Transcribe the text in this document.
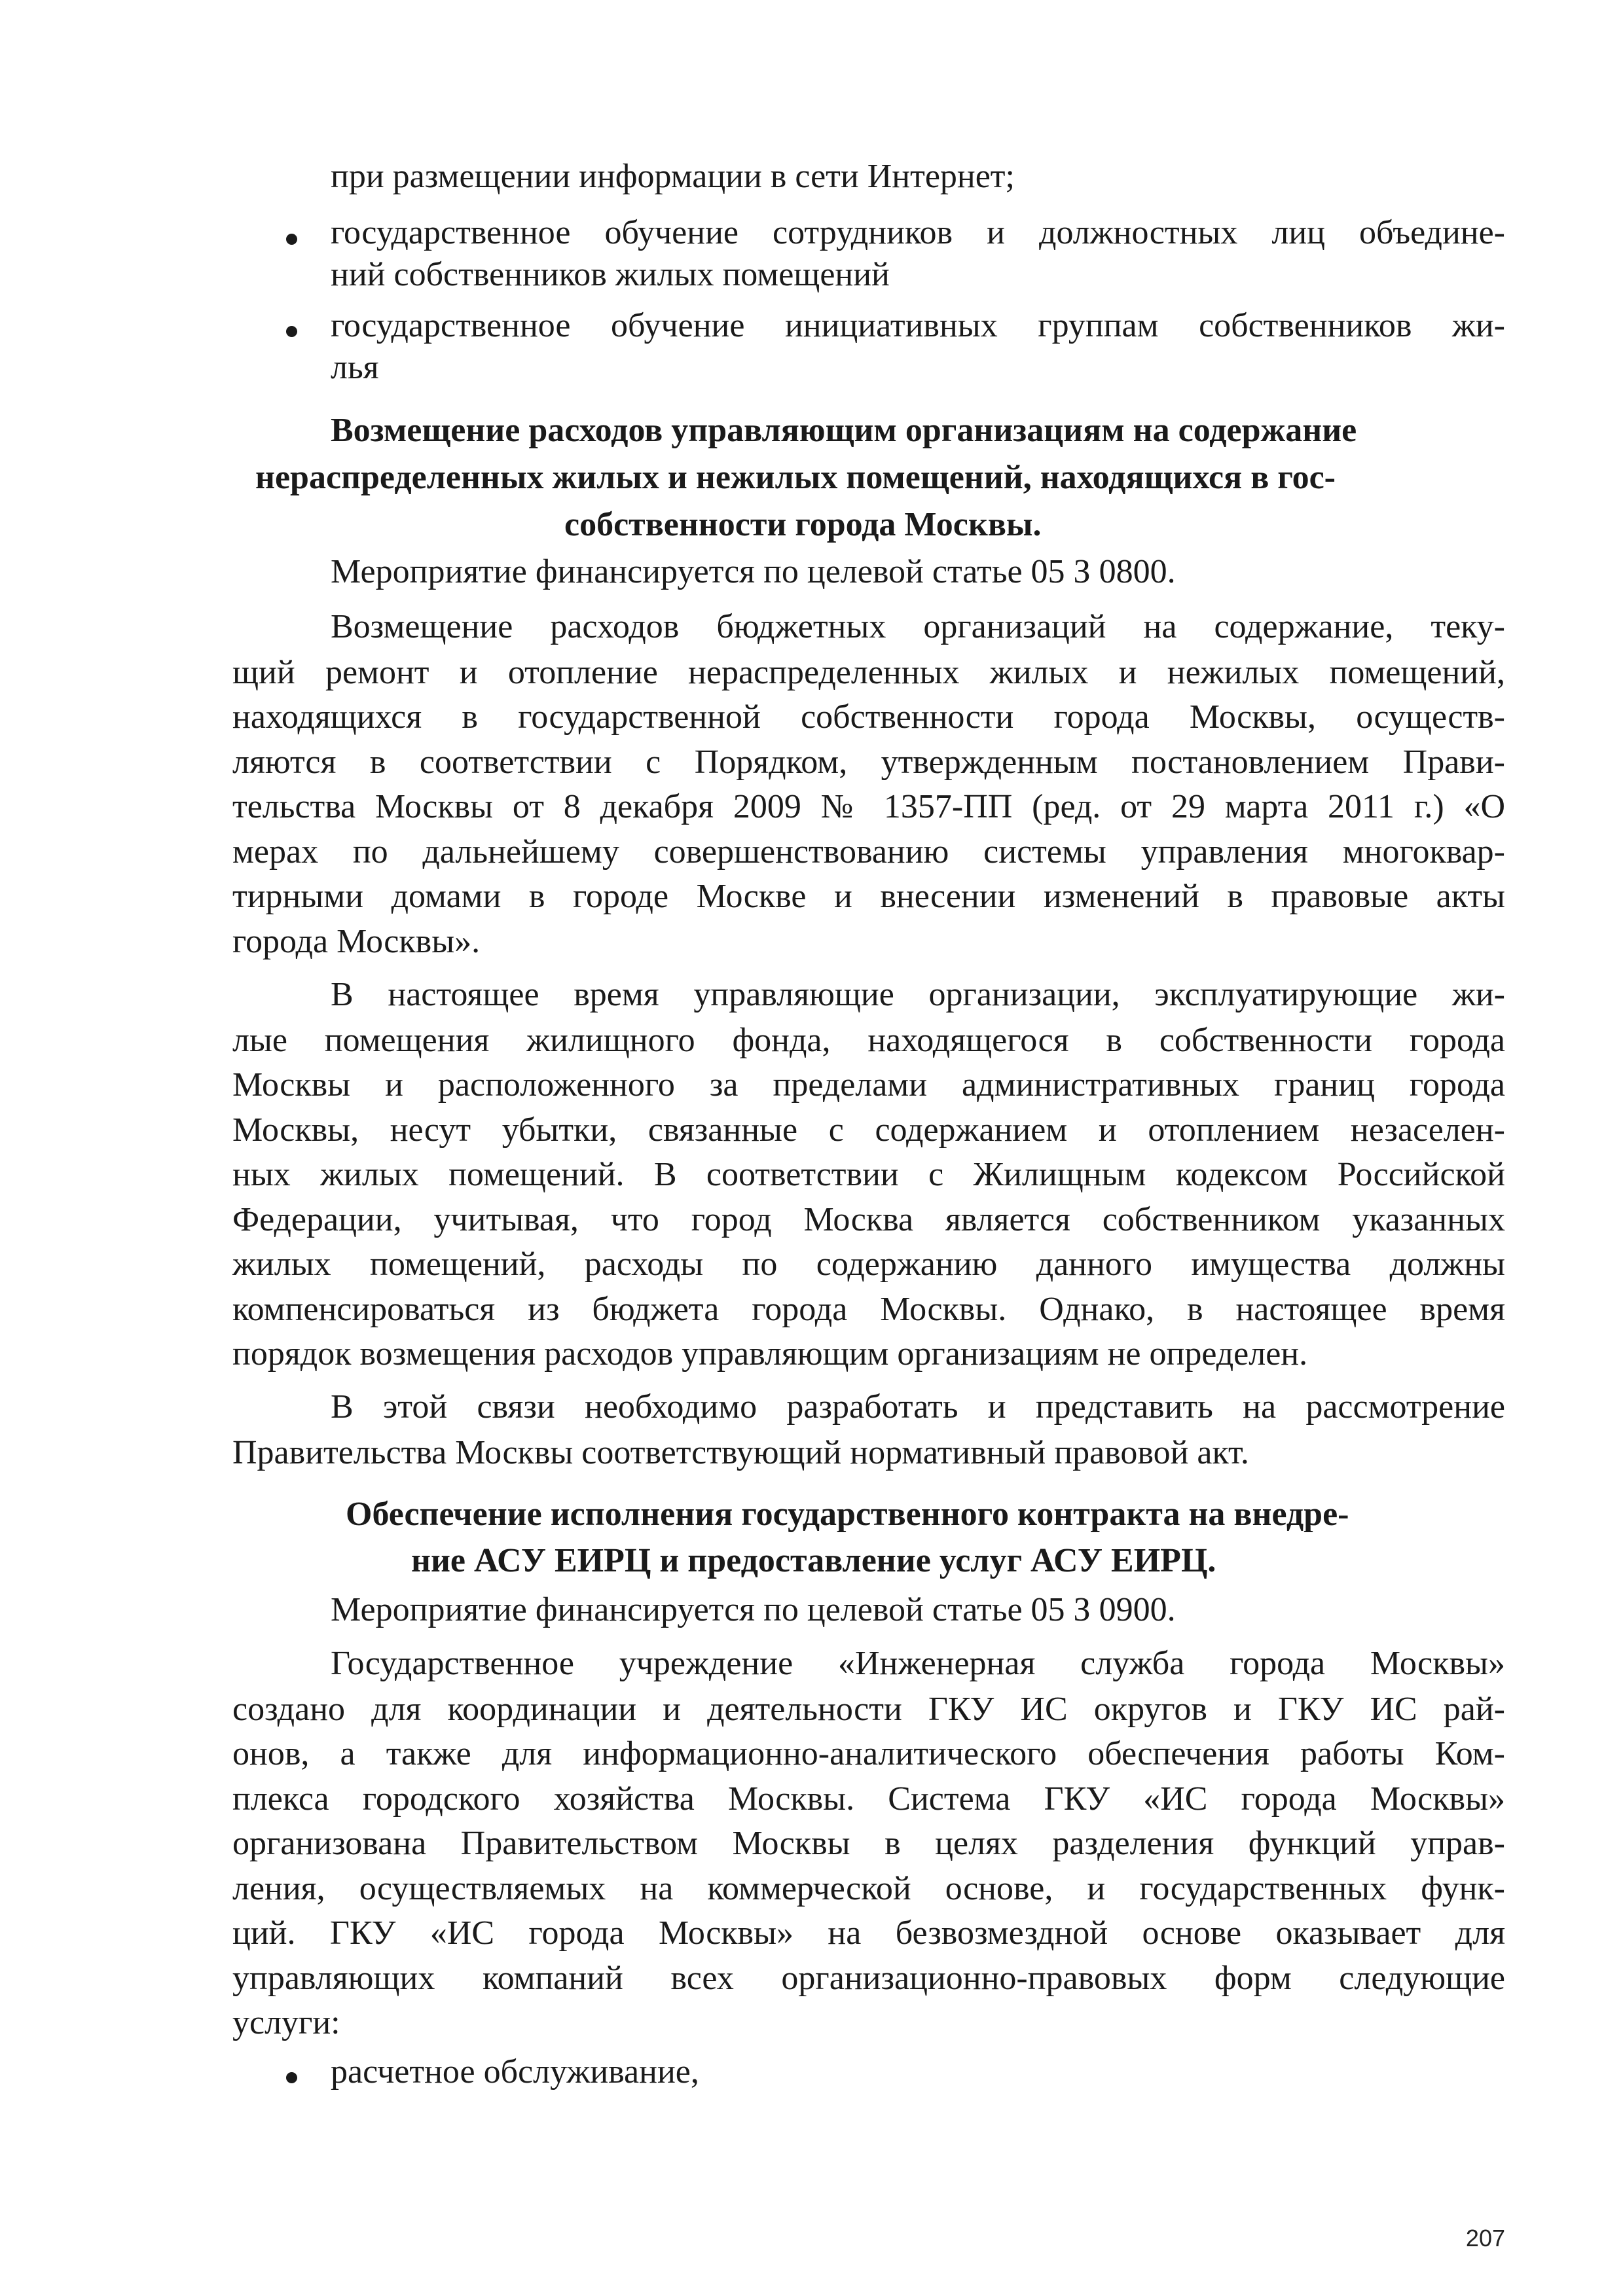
при размещении информации в сети Интернет;
государственное обучение сотрудников и должностных лиц объедине-
ний собственников жилых помещений
государственное обучение инициативных группам собственников жи-
лья
Возмещение расходов управляющим организациям на содержание
нераспределенных жилых и нежилых помещений, находящихся в гос-
собственности города Москвы.
Мероприятие финансируется по целевой статье 05 З 0800.
Возмещение расходов бюджетных организаций на содержание, теку-
щий ремонт и отопление нераспределенных жилых и нежилых помещений,
находящихся в государственной собственности города Москвы, осуществ-
ляются в соответствии с Порядком, утвержденным постановлением Прави-
тельства Москвы от 8 декабря 2009 № 1357-ПП (ред. от 29 марта 2011 г.) «О
мерах по дальнейшему совершенствованию системы управления многоквар-
тирными домами в городе Москве и внесении изменений в правовые акты
города Москвы».
В настоящее время управляющие организации, эксплуатирующие жи-
лые помещения жилищного фонда, находящегося в собственности города
Москвы и расположенного за пределами административных границ города
Москвы, несут убытки, связанные с содержанием и отоплением незаселен-
ных жилых помещений. В соответствии с Жилищным кодексом Российской
Федерации, учитывая, что город Москва является собственником указанных
жилых помещений, расходы по содержанию данного имущества должны
компенсироваться из бюджета города Москвы. Однако, в настоящее время
порядок возмещения расходов управляющим организациям не определен.
В этой связи необходимо разработать и представить на рассмотрение
Правительства Москвы соответствующий нормативный правовой акт.
Обеспечение исполнения государственного контракта на внедре-
ние АСУ ЕИРЦ и предоставление услуг АСУ ЕИРЦ.
Мероприятие финансируется по целевой статье 05 З 0900.
Государственное учреждение «Инженерная служба города Москвы»
создано для координации и деятельности ГКУ ИС округов и ГКУ ИС рай-
онов, а также для информационно-аналитического обеспечения работы Ком-
плекса городского хозяйства Москвы. Система ГКУ «ИС города Москвы»
организована Правительством Москвы в целях разделения функций управ-
ления, осуществляемых на коммерческой основе, и государственных функ-
ций. ГКУ «ИС города Москвы» на безвозмездной основе оказывает для
управляющих компаний всех организационно-правовых форм следующие
услуги:
расчетное обслуживание,
207
